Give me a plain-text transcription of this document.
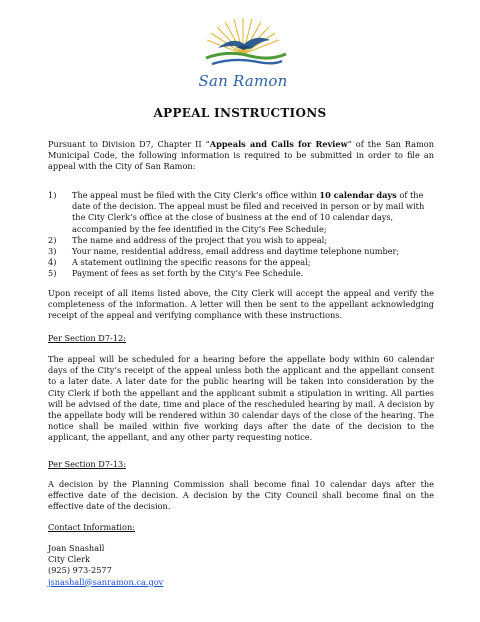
San Ramon
APPEAL INSTRUCTIONS

Pursuant to Division D7, Chapter II “Appeals and Calls for Review” of the San Ramon Municipal Code, the following information is required to be submitted in order to file an appeal with the City of San Ramon:

1)	The appeal must be filed with the City Clerk’s office within 10 calendar days of the date of the decision. The appeal must be filed and received in person or by mail with the City Clerk’s office at the close of business at the end of 10 calendar days, accompanied by the fee identified in the City’s Fee Schedule;
2)	The name and address of the project that you wish to appeal;
3)	Your name, residential address, email address and daytime telephone number;
4)	A statement outlining the specific reasons for the appeal;
5)	Payment of fees as set forth by the City’s Fee Schedule.

Upon receipt of all items listed above, the City Clerk will accept the appeal and verify the completeness of the information. A letter will then be sent to the appellant acknowledging receipt of the appeal and verifying compliance with these instructions.

Per Section D7-12:

The appeal will be scheduled for a hearing before the appellate body within 60 calendar days of the City’s receipt of the appeal unless both the applicant and the appellant consent to a later date. A later date for the public hearing will be taken into consideration by the City Clerk if both the appellant and the applicant submit a stipulation in writing. All parties will be advised of the date, time and place of the rescheduled hearing by mail. A decision by the appellate body will be rendered within 30 calendar days of the close of the hearing. The notice shall be mailed within five working days after the date of the decision to the applicant, the appellant, and any other party requesting notice.

Per Section D7-13:

A decision by the Planning Commission shall become final 10 calendar days after the effective date of the decision. A decision by the City Council shall become final on the effective date of the decision.

Contact Information:
Joan Snashall
City Clerk
(925) 973-2577
jsnashall@sanramon.ca.gov
